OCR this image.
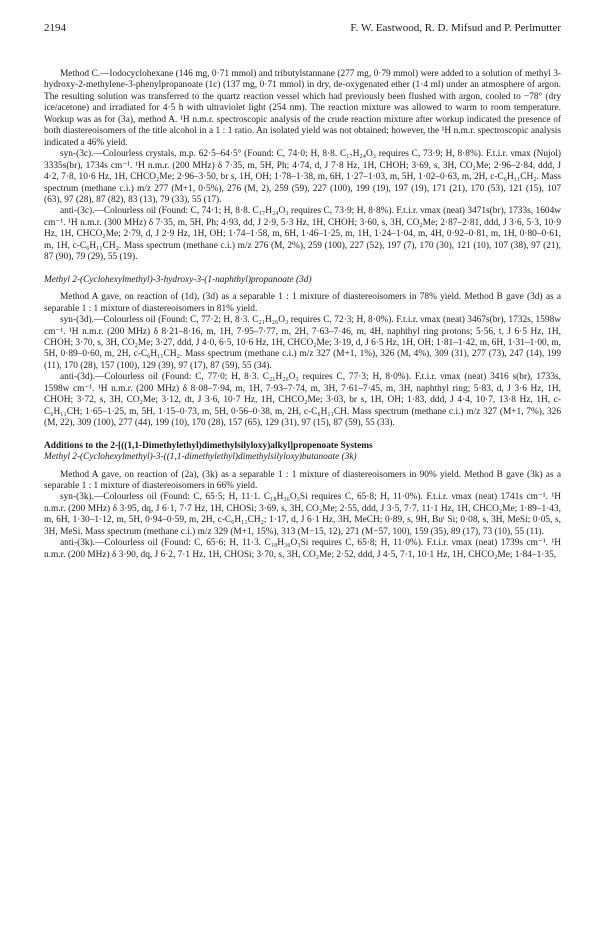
2194	F. W. Eastwood, R. D. Mifsud and P. Perlmutter

Method C.—Iodocyclohexane (146 mg, 0·71 mmol) and tributylstannane (277 mg, 0·79 mmol) were added to a solution of methyl 3-hydroxy-2-methylene-3-phenylpropanoate (1c) (137 mg, 0·71 mmol) in dry, de-oxygenated ether (1·4 ml) under an atmosphere of argon. The resulting solution was transferred to the quartz reaction vessel which had previously been flushed with argon, cooled to −78° (dry ice/acetone) and irradiated for 4·5 h with ultraviolet light (254 nm). The reaction mixture was allowed to warm to room temperature. Workup was as for (3a), method A. ¹H n.m.r. spectroscopic analysis of the crude reaction mixture after workup indicated the presence of both diastereoisomers of the title alcohol in a 1 : 1 ratio. An isolated yield was not obtained; however, the ¹H n.m.r. spectroscopic analysis indicated a 46% yield.

syn-(3c).—Colourless crystals, m.p. 62·5–64·5° (Found: C, 74·0; H, 8·8. C₁₇H₂₄O₃ requires C, 73·9; H, 8·8%). F.t.i.r. νmax (Nujol) 3335s(br), 1734s cm⁻¹. ¹H n.m.r. (200 MHz) δ 7·35, m, 5H, Ph; 4·74, d, J 7·8 Hz, 1H, CHOH; 3·69, s, 3H, CO₂Me; 2·96–2·84, ddd, J 4·2, 7·8, 10·6 Hz, 1H, CHCO₂Me; 2·96–3·50, br s, 1H, OH; 1·78–1·38, m, 6H, 1·27–1·03, m, 5H, 1·02–0·63, m, 2H, c-C₆H₁₁CH₂. Mass spectrum (methane c.i.) m/z 277 (M+1, 0·5%), 276 (M, 2), 259 (59), 227 (100), 199 (19), 197 (19), 171 (21), 170 (53), 121 (15), 107 (63), 97 (28), 87 (82), 83 (13), 79 (33), 55 (17).

anti-(3c).—Colourless oil (Found: C, 74·1; H, 8·8. C₁₇H₂₄O₃ requires C, 73·9; H, 8·8%). F.t.i.r. νmax (neat) 3471s(br), 1733s, 1604w cm⁻¹. ¹H n.m.r. (300 MHz) δ 7·35, m, 5H, Ph; 4·93, dd, J 2·9, 5·3 Hz, 1H, CHOH; 3·60, s, 3H, CO₂Me; 2·87–2·81, ddd, J 3·6, 5·3, 10·9 Hz, 1H, CHCO₂Me; 2·79, d, J 2·9 Hz, 1H, OH; 1·74–1·58, m, 6H, 1·46–1·25, m, 1H, 1·24–1·04, m, 4H, 0·92–0·81, m, 1H, 0·80–0·61, m, 1H, c-C₆H₁₁CH₂. Mass spectrum (methane c.i.) m/z 276 (M, 2%), 259 (100), 227 (52), 197 (7), 170 (30), 121 (10), 107 (38), 97 (21), 87 (90), 79 (29), 55 (19).

Methyl 2-(Cyclohexylmethyl)-3-hydroxy-3-(1-naphthyl)propanoate (3d)

Method A gave, on reaction of (1d), (3d) as a separable 1 : 1 mixture of diastereoisomers in 78% yield. Method B gave (3d) as a separable 1 : 1 mixture of diastereoisomers in 81% yield.

syn-(3d).—Colourless oil (Found: C, 77·2; H, 8·3. C₂₁H₂₆O₃ requires C, 72·3; H, 8·0%). F.t.i.r. νmax (neat) 3467s(br), 1732s, 1598w cm⁻¹. ¹H n.m.r. (200 MHz) δ 8·21–8·16, m, 1H, 7·95–7·77, m, 2H, 7·63–7·46, m, 4H, naphthyl ring protons; 5·56, t, J 6·5 Hz, 1H, CHOH; 3·70, s, 3H, CO₂Me; 3·27, ddd, J 4·0, 6·5, 10·6 Hz, 1H, CHCO₂Me; 3·19, d, J 6·5 Hz, 1H, OH; 1·81–1·42, m, 6H, 1·31–1·00, m, 5H, 0·89–0·60, m, 2H, c-C₆H₁₁CH₂. Mass spectrum (methane c.i.) m/z 327 (M+1, 1%), 326 (M, 4%), 309 (31), 277 (73), 247 (14), 199 (11), 170 (28), 157 (100), 129 (39), 97 (17), 87 (59), 55 (34).

anti-(3d).—Colourless oil (Found: C, 77·0; H, 8·3. C₂₁H₂₆O₃ requires C, 77·3; H, 8·0%). F.t.i.r. νmax (neat) 3416 s(br), 1733s, 1598w cm⁻¹. ¹H n.m.r. (200 MHz) δ 8·08–7·94, m, 1H, 7·93–7·74, m, 3H, 7·61–7·45, m, 3H, naphthyl ring; 5·83, d, J 3·6 Hz, 1H, CHOH; 3·72, s, 3H, CO₂Me; 3·12, dt, J 3·6, 10·7 Hz, 1H, CHCO₂Me; 3·03, br s, 1H, OH; 1·83, ddd, J 4·4, 10·7, 13·8 Hz, 1H, c-C₆H₁₁CH; 1·65–1·25, m, 5H, 1·15–0·73, m, 5H, 0·56–0·38, m, 2H, c-C₆H₁₁CH. Mass spectrum (methane c.i.) m/z 327 (M+1, 7%), 326 (M, 22), 309 (100), 277 (44), 199 (10), 170 (28), 157 (65), 129 (31), 97 (15), 87 (59), 55 (33).

Additions to the 2-[((1,1-Dimethylethyl)dimethylsilyloxy)alkyl]propenoate Systems

Methyl 2-(Cyclohexylmethyl)-3-((1,1-dimethylethyl)dimethylsilyloxy)butanoate (3k)

Method A gave, on reaction of (2a), (3k) as a separable 1 : 1 mixture of diastereoisomers in 90% yield. Method B gave (3k) as a separable 1 : 1 mixture of diastereoisomers in 66% yield.

syn-(3k).—Colourless oil (Found: C, 65·5; H, 11·1. C₁₈H₃₆O₃Si requires C, 65·8; H, 11·0%). F.t.i.r. νmax (neat) 1741s cm⁻¹. ¹H n.m.r. (200 MHz) δ 3·95, dq, J 6·1, 7·7 Hz, 1H, CHOSi; 3·69, s, 3H, CO₂Me; 2·55, ddd, J 3·5, 7·7, 11·1 Hz, 1H, CHCO₂Me; 1·89–1·43, m, 6H, 1·30–1·12, m, 5H, 0·94–0·59, m, 2H, c-C₆H₁₁CH₂; 1·17, d, J 6·1 Hz, 3H, MeCH; 0·89, s, 9H, Buᵗ Si; 0·08, s, 3H, MeSi; 0·05, s, 3H, MeSi. Mass spectrum (methane c.i.) m/z 329 (M+1, 15%), 313 (M−15, 12), 271 (M−57, 100), 159 (35), 89 (17), 73 (10), 55 (11).

anti-(3k).—Colourless oil (Found: C, 65·6; H, 11·3. C₁₈H₃₆O₃Si requires C, 65·8; H, 11·0%). F.t.i.r. νmax (neat) 1739s cm⁻¹. ¹H n.m.r. (200 MHz) δ 3·90, dq, J 6·2, 7·1 Hz, 1H, CHOSi; 3·70, s, 3H, CO₂Me; 2·52, ddd, J 4·5, 7·1, 10·1 Hz, 1H, CHCO₂Me; 1·84–1·35,
